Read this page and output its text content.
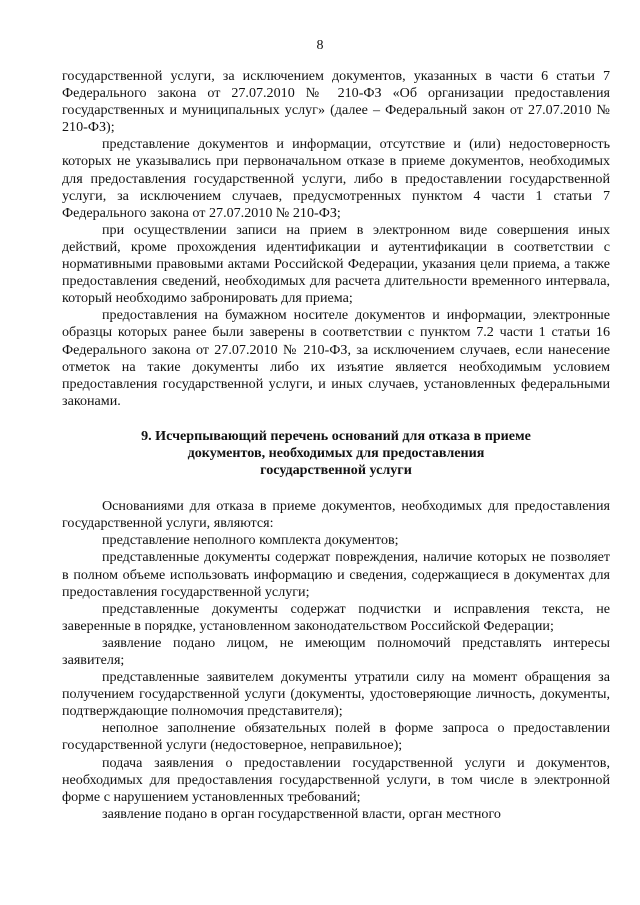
8

государственной услуги, за исключением документов, указанных в части 6 статьи 7 Федерального закона от 27.07.2010 № 210-ФЗ «Об организации предоставления государственных и муниципальных услуг» (далее – Федеральный закон от 27.07.2010 № 210-ФЗ);

представление документов и информации, отсутствие и (или) недостоверность которых не указывались при первоначальном отказе в приеме документов, необходимых для предоставления государственной услуги, либо в предоставлении государственной услуги, за исключением случаев, предусмотренных пунктом 4 части 1 статьи 7 Федерального закона от 27.07.2010 № 210-ФЗ;

при осуществлении записи на прием в электронном виде совершения иных действий, кроме прохождения идентификации и аутентификации в соответствии с нормативными правовыми актами Российской Федерации, указания цели приема, а также предоставления сведений, необходимых для расчета длительности временного интервала, который необходимо забронировать для приема;

предоставления на бумажном носителе документов и информации, электронные образцы которых ранее были заверены в соответствии с пунктом 7.2 части 1 статьи 16 Федерального закона от 27.07.2010 № 210-ФЗ, за исключением случаев, если нанесение отметок на такие документы либо их изъятие является необходимым условием предоставления государственной услуги, и иных случаев, установленных федеральными законами.

9. Исчерпывающий перечень оснований для отказа в приеме
документов, необходимых для предоставления
государственной услуги

Основаниями для отказа в приеме документов, необходимых для предоставления государственной услуги, являются:

представление неполного комплекта документов;

представленные документы содержат повреждения, наличие которых не позволяет в полном объеме использовать информацию и сведения, содержащиеся в документах для предоставления государственной услуги;

представленные документы содержат подчистки и исправления текста, не заверенные в порядке, установленном законодательством Российской Федерации;

заявление подано лицом, не имеющим полномочий представлять интересы заявителя;

представленные заявителем документы утратили силу на момент обращения за получением государственной услуги (документы, удостоверяющие личность, документы, подтверждающие полномочия представителя);

неполное заполнение обязательных полей в форме запроса о предоставлении государственной услуги (недостоверное, неправильное);

подача заявления о предоставлении государственной услуги и документов, необходимых для предоставления государственной услуги, в том числе в электронной форме с нарушением установленных требований;

заявление подано в орган государственной власти, орган местного
